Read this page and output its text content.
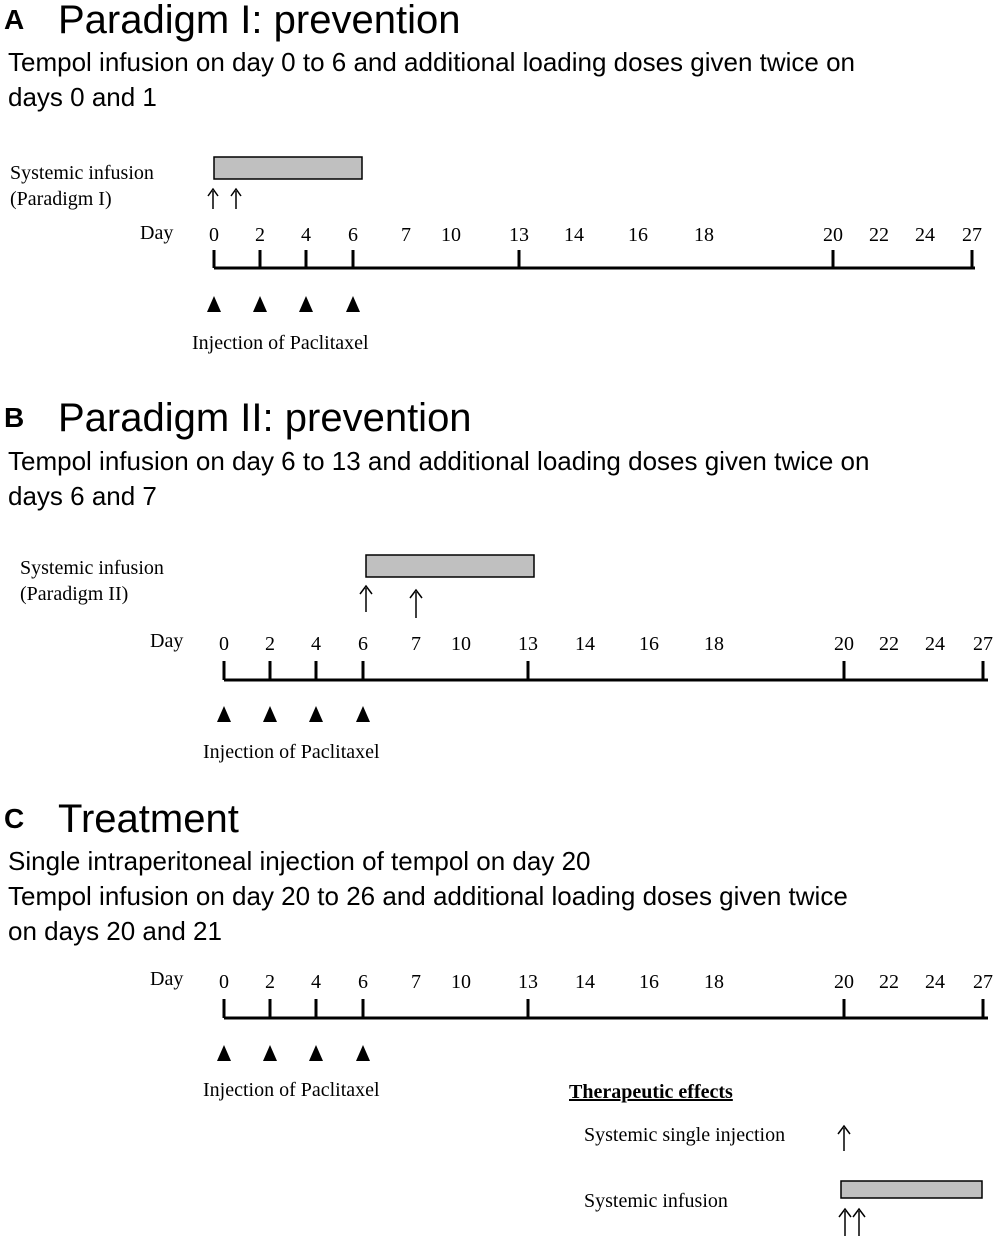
A Paradigm I: prevention
Tempol infusion on day 0 to 6 and additional loading doses given twice on
days 0 and 1
Systemic infusion
(Paradigm I)
Day
Injection of Paclitaxel
0 2 4 6 7 10 13 14 16 18	20 22 24 27
B Paradigm II: prevention
Tempol infusion on day 6 to 13 and additional loading doses given twice on
days 6 and 7
Systemic infusion
(Paradigm II)
Day
Injection of Paclitaxel
0 2 4 6 7 10 13 14 16 18	20 22 24 27
C Treatment
Single intraperitoneal injection of tempol on day 20
Tempol infusion on day 20 to 26 and additional loading doses given twice
on days 20 and 21
Day
Injection of Paclitaxel	Therapeutic effects
Systemic single injection
Systemic infusion
0 2 4 6 7 10 13 14 16 18	20 22 24 27
